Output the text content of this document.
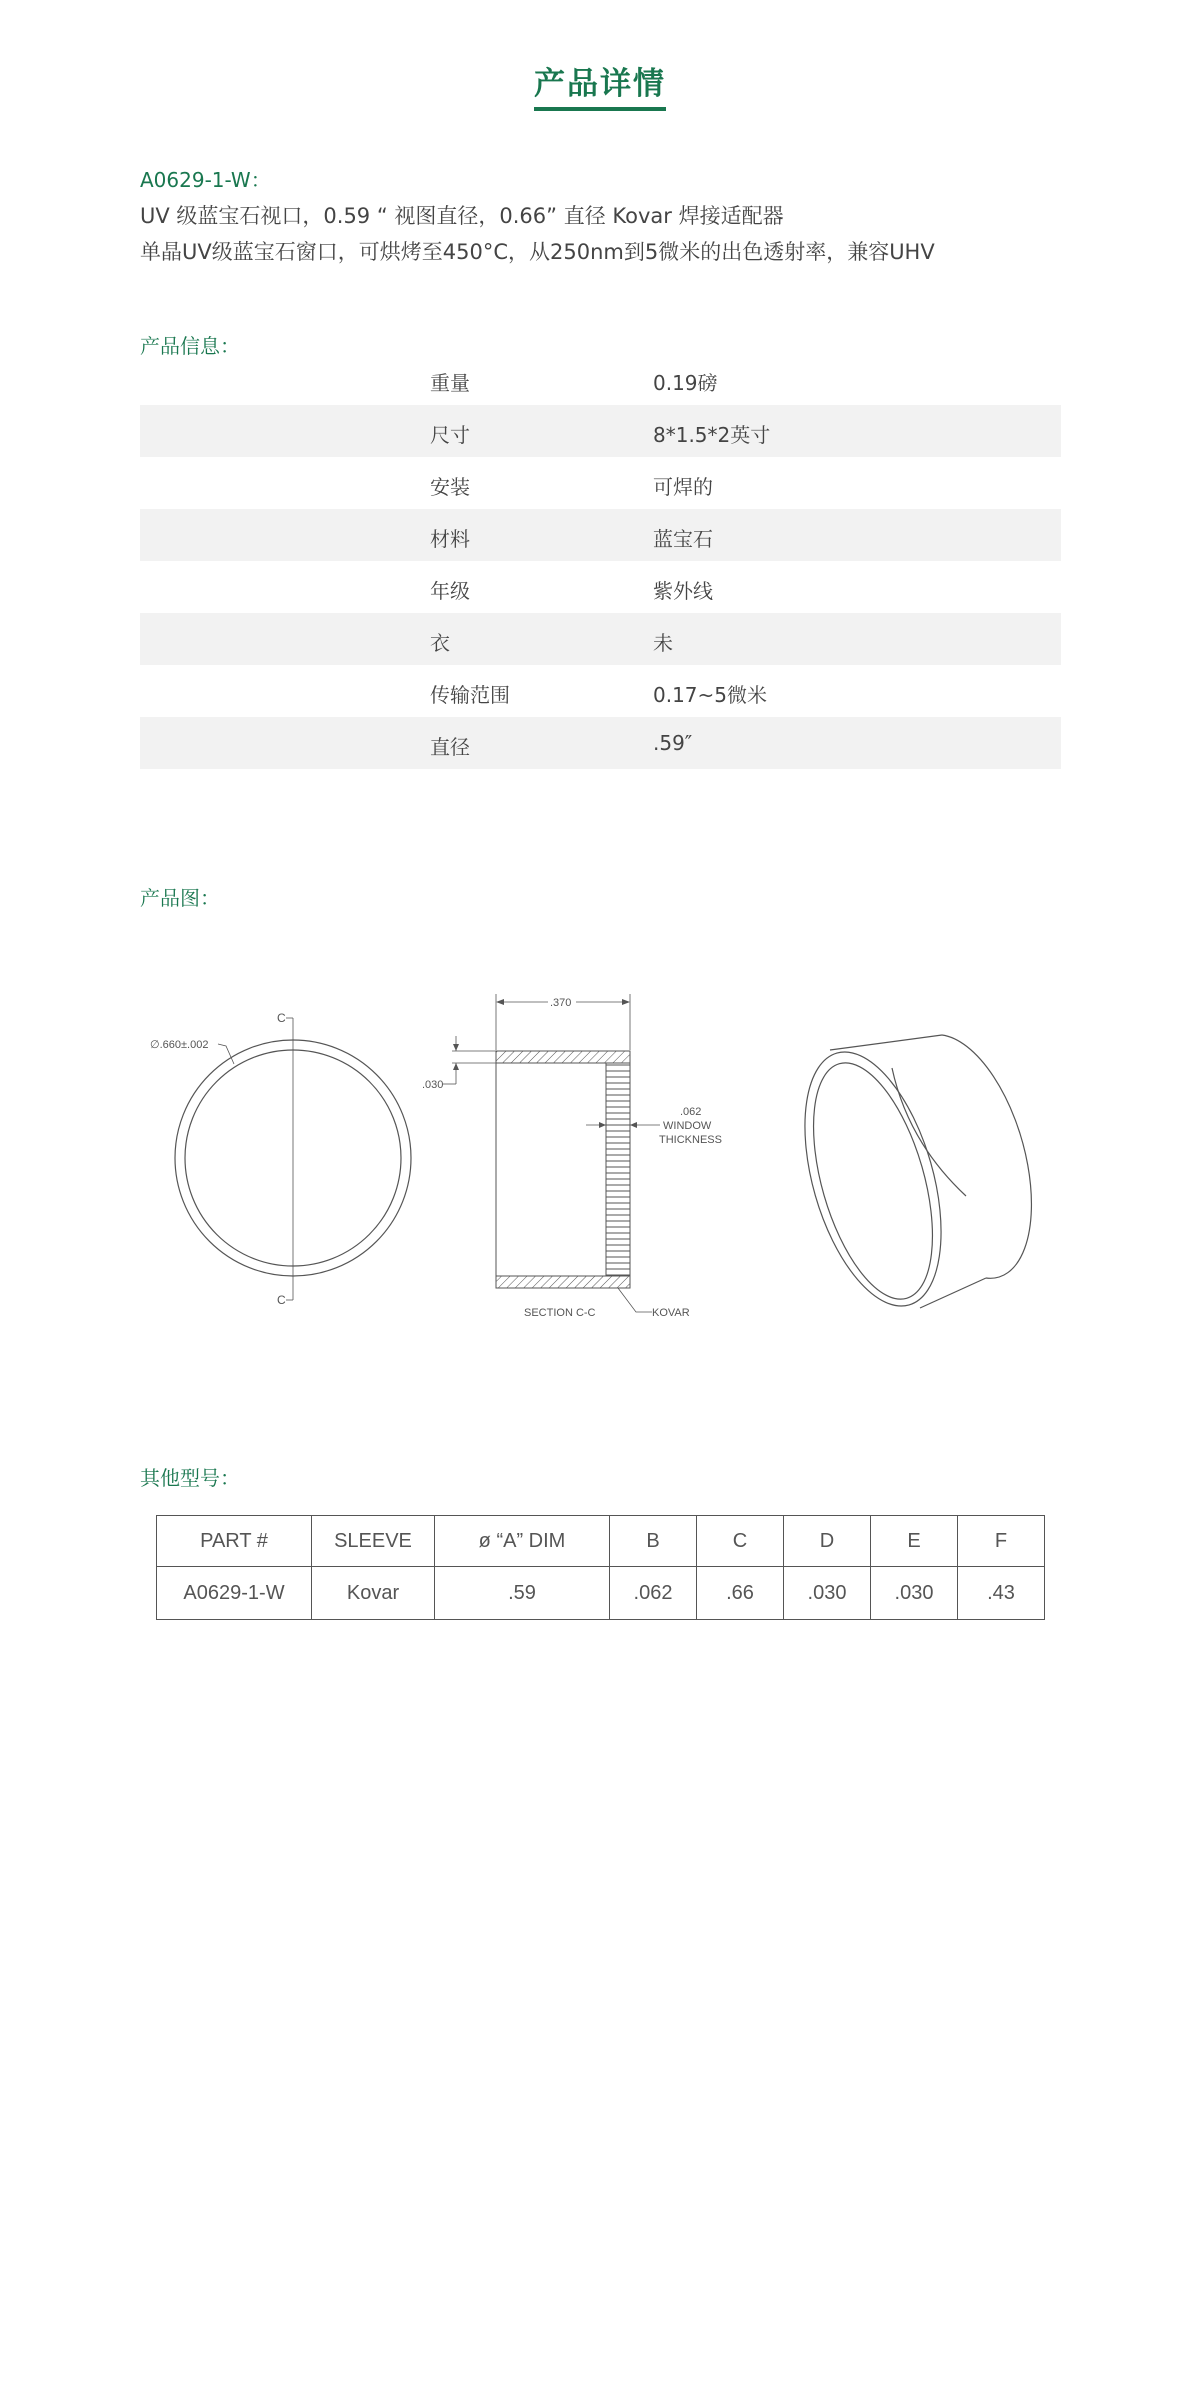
产品详情
A0629-1-W：
UV 级蓝宝石视口，0.59 “ 视图直径，0.66” 直径 Kovar 焊接适配器
单晶UV级蓝宝石窗口，可烘烤至450°C，从250nm到5微米的出色透射率，兼容UHV
产品信息：
重量	0.19磅
尺寸	8*1.5*2英寸
安装	可焊的
材料	蓝宝石
年级	紫外线
衣	未
传输范围	0.17~5微米
直径	.59″
产品图：
C
C
∅.660±.002
.370
.030
.062
WINDOW
THICKNESS
KOVAR
SECTION C-C
其他型号：
PART #	SLEEVE	ø “A” DIM	B	C	D	E	F
A0629-1-W	Kovar	.59	.062	.66	.030	.030	.43
